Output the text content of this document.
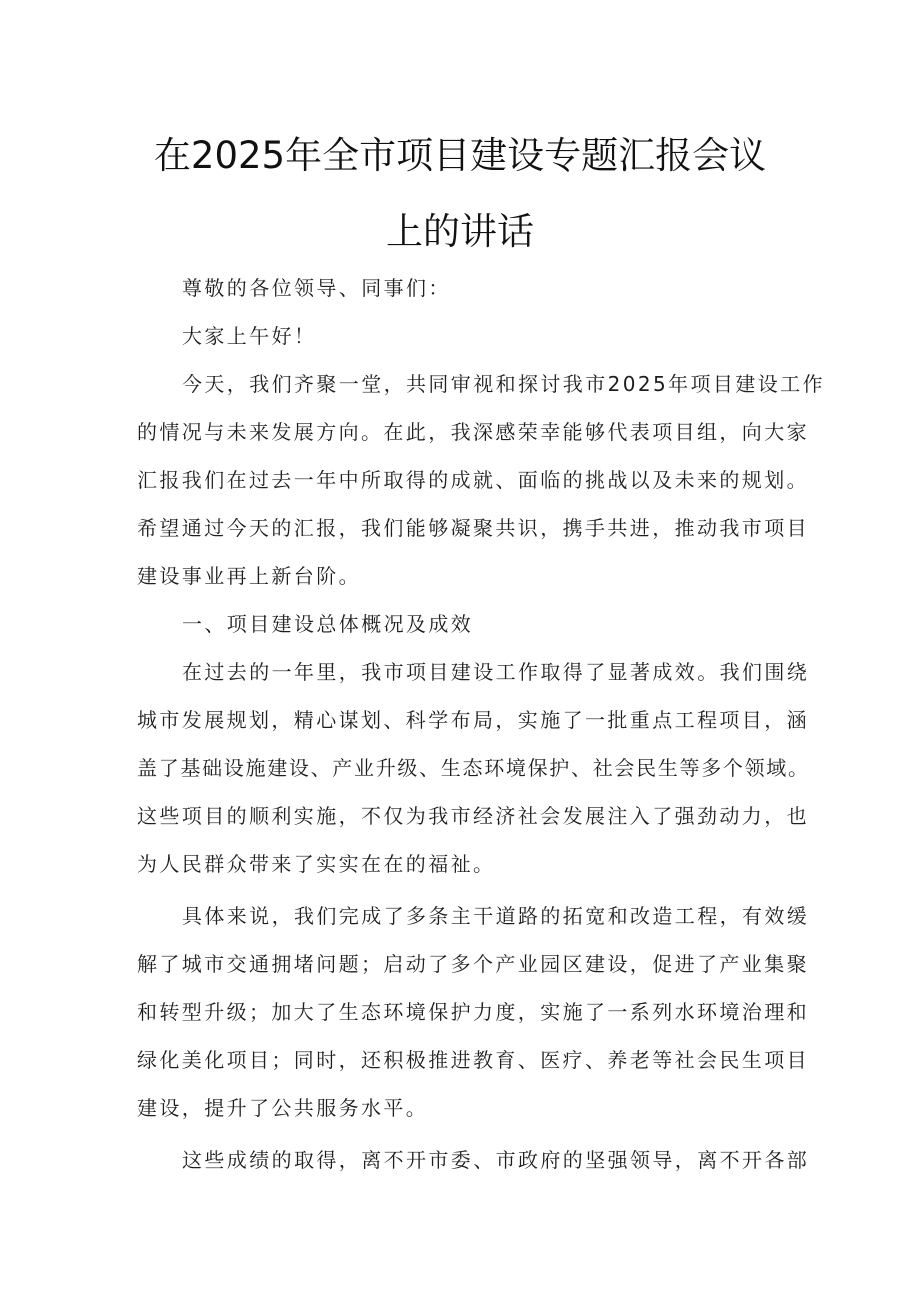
在2025年全市项目建设专题汇报会议
上的讲话
尊敬的各位领导、同事们：
大家上午好！
今天，我们齐聚一堂，共同审视和探讨我市2025年项目建设工作
的情况与未来发展方向。在此，我深感荣幸能够代表项目组，向大家
汇报我们在过去一年中所取得的成就、面临的挑战以及未来的规划。
希望通过今天的汇报，我们能够凝聚共识，携手共进，推动我市项目
建设事业再上新台阶。
一、项目建设总体概况及成效
在过去的一年里，我市项目建设工作取得了显著成效。我们围绕
城市发展规划，精心谋划、科学布局，实施了一批重点工程项目，涵
盖了基础设施建设、产业升级、生态环境保护、社会民生等多个领域。
这些项目的顺利实施，不仅为我市经济社会发展注入了强劲动力，也
为人民群众带来了实实在在的福祉。
具体来说，我们完成了多条主干道路的拓宽和改造工程，有效缓
解了城市交通拥堵问题；启动了多个产业园区建设，促进了产业集聚
和转型升级；加大了生态环境保护力度，实施了一系列水环境治理和
绿化美化项目；同时，还积极推进教育、医疗、养老等社会民生项目
建设，提升了公共服务水平。
这些成绩的取得，离不开市委、市政府的坚强领导，离不开各部
